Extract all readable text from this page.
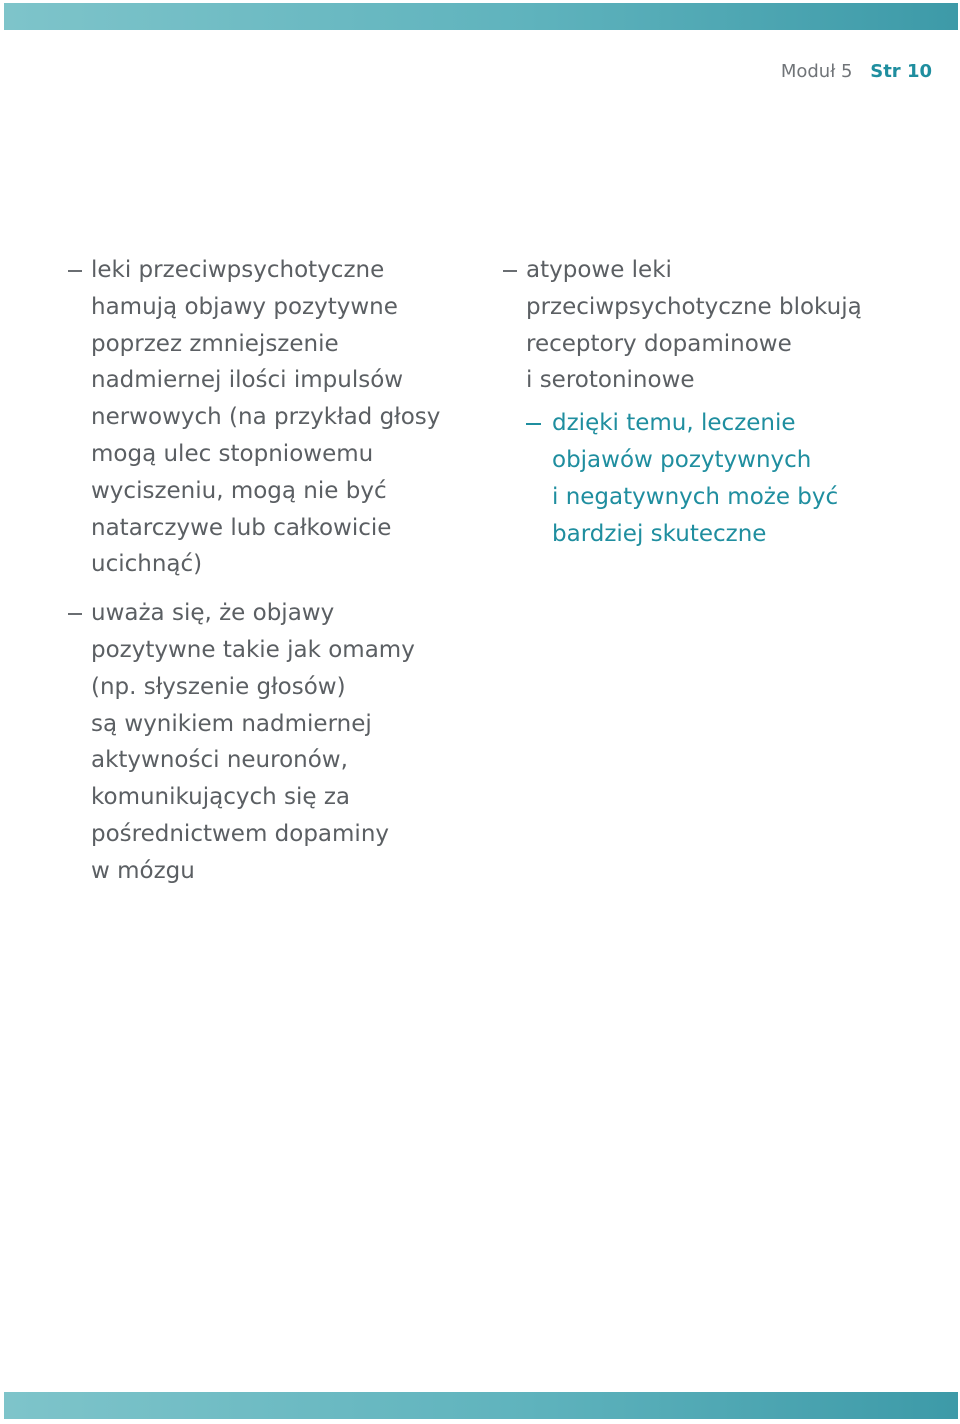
Moduł 5 Str 10
leki przeciwpsychotyczne
hamują objawy pozytywne
poprzez zmniejszenie
nadmiernej ilości impulsów
nerwowych (na przykład głosy
mogą ulec stopniowemu
wyciszeniu, mogą nie być
natarczywe lub całkowicie
ucichnąć)
uważa się, że objawy
pozytywne takie jak omamy
(np. słyszenie głosów)
są wynikiem nadmiernej
aktywności neuronów,
komunikujących się za
pośrednictwem dopaminy
w mózgu
atypowe leki
przeciwpsychotyczne blokują
receptory dopaminowe
i serotoninowe
dzięki temu, leczenie
objawów pozytywnych
i negatywnych może być
bardziej skuteczne
